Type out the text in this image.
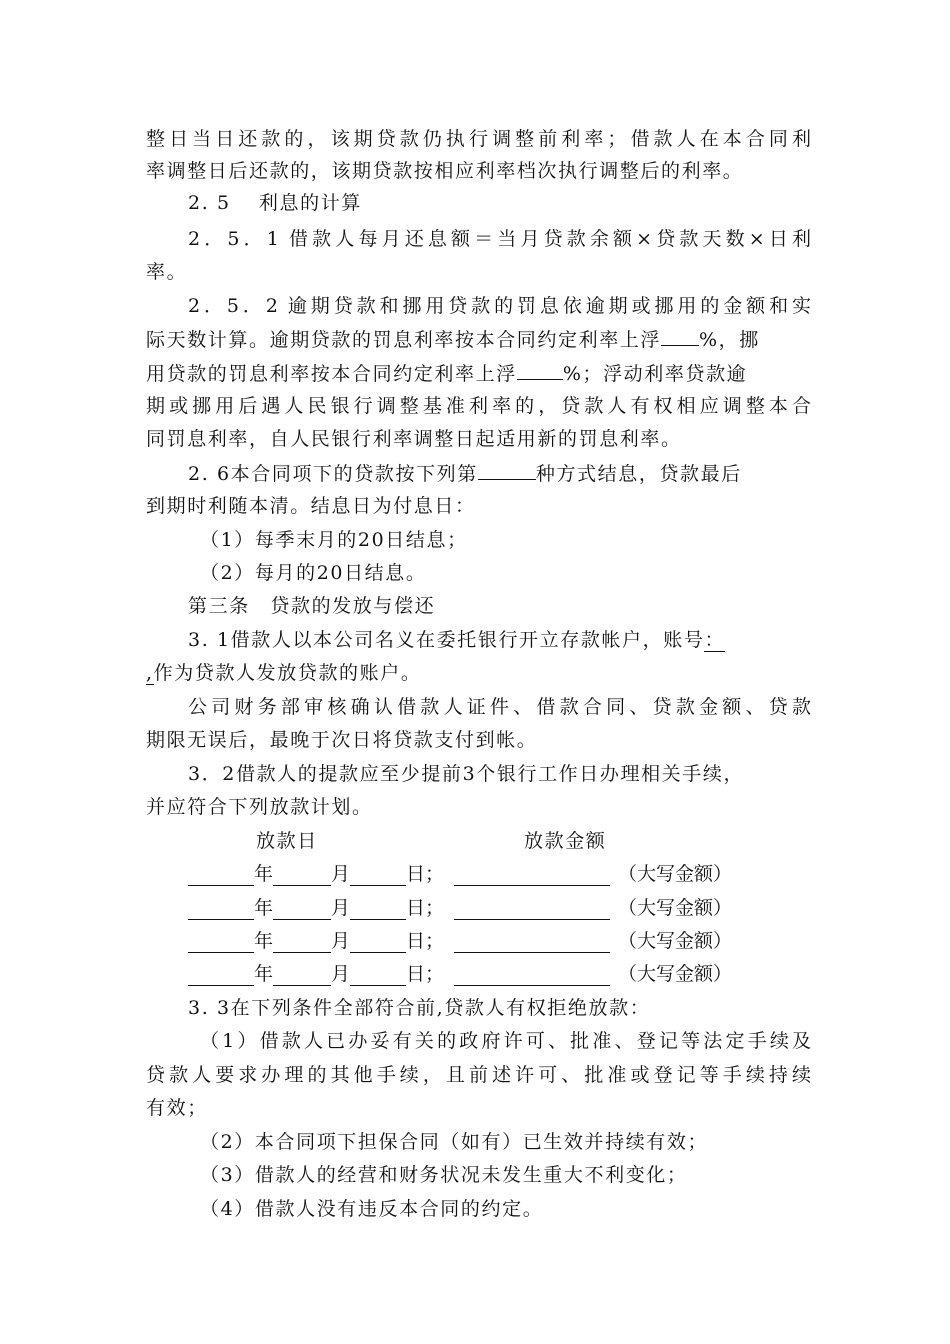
整日当日还款的，该期贷款仍执行调整前利率；借款人在本合同利
率调整日后还款的，该期贷款按相应利率档次执行调整后的利率。
2. 5　 利息的计算
2．5．1 借款人每月还息额＝当月贷款余额×贷款天数×日利
率。
2．5．2 逾期贷款和挪用贷款的罚息依逾期或挪用的金额和实
际天数计算。逾期贷款的罚息利率按本合同约定利率上浮 %，挪
用贷款的罚息利率按本合同约定利率上浮 %；浮动利率贷款逾
期或挪用后遇人民银行调整基准利率的，贷款人有权相应调整本合
同罚息利率，自人民银行利率调整日起适用新的罚息利率。
2. 6本合同项下的贷款按下列第	种方式结息，贷款最后
到期时利随本清。结息日为付息日：
（1）每季末月的20日结息；
（2）每月的20日结息。
第三条　贷款的发放与偿还
3. 1借款人以本公司名义在委托银行开立存款帐户，账号：
,作为贷款人发放贷款的账户。
公司财务部审核确认借款人证件、借款合同、贷款金额、贷款
期限无误后，最晚于次日将贷款支付到帐。
3．2借款人的提款应至少提前3个银行工作日办理相关手续，
并应符合下列放款计划。
放款日	放款金额
年	月	日；	（大写金额）
年	月	日；	（大写金额）
年	月	日；	（大写金额）
年	月	日；	（大写金额）
3. 3在下列条件全部符合前,贷款人有权拒绝放款：
（1）借款人已办妥有关的政府许可、批准、登记等法定手续及
贷款人要求办理的其他手续，且前述许可、批准或登记等手续持续
有效；
（2）本合同项下担保合同（如有）已生效并持续有效；
（3）借款人的经营和财务状况未发生重大不利变化；
（4）借款人没有违反本合同的约定。
